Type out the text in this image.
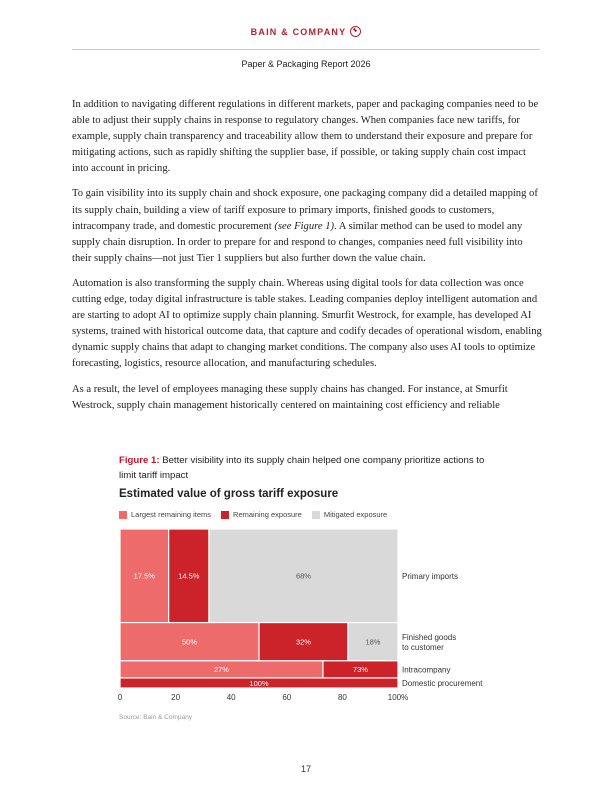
BAIN & COMPANY
Paper & Packaging Report 2026

In addition to navigating different regulations in different markets, paper and packaging companies need to be able to adjust their supply chains in response to regulatory changes. When companies face new tariffs, for example, supply chain transparency and traceability allow them to understand their exposure and prepare for mitigating actions, such as rapidly shifting the supplier base, if possible, or taking supply chain cost impact into account in pricing.

To gain visibility into its supply chain and shock exposure, one packaging company did a detailed mapping of its supply chain, building a view of tariff exposure to primary imports, finished goods to customers, intracompany trade, and domestic procurement (see Figure 1). A similar method can be used to model any supply chain disruption. In order to prepare for and respond to changes, companies need full visibility into their supply chains—not just Tier 1 suppliers but also further down the value chain.

Automation is also transforming the supply chain. Whereas using digital tools for data collection was once cutting edge, today digital infrastructure is table stakes. Leading companies deploy intelligent automation and are starting to adopt AI to optimize supply chain planning. Smurfit Westrock, for example, has developed AI systems, trained with historical outcome data, that capture and codify decades of operational wisdom, enabling dynamic supply chains that adapt to changing market conditions. The company also uses AI tools to optimize forecasting, logistics, resource allocation, and manufacturing schedules.

As a result, the level of employees managing these supply chains has changed. For instance, at Smurfit Westrock, supply chain management historically centered on maintaining cost efficiency and reliable

Figure 1: Better visibility into its supply chain helped one company prioritize actions to limit tariff impact
Estimated value of gross tariff exposure
Largest remaining items	Remaining exposure	Mitigated exposure
17.5%	14.5%	68%	Primary imports
50%	32%	18%	Finished goods to customer
27%	73%	Intracompany
100%	Domestic procurement
0	20	40	60	80	100%
Source: Bain & Company
17
